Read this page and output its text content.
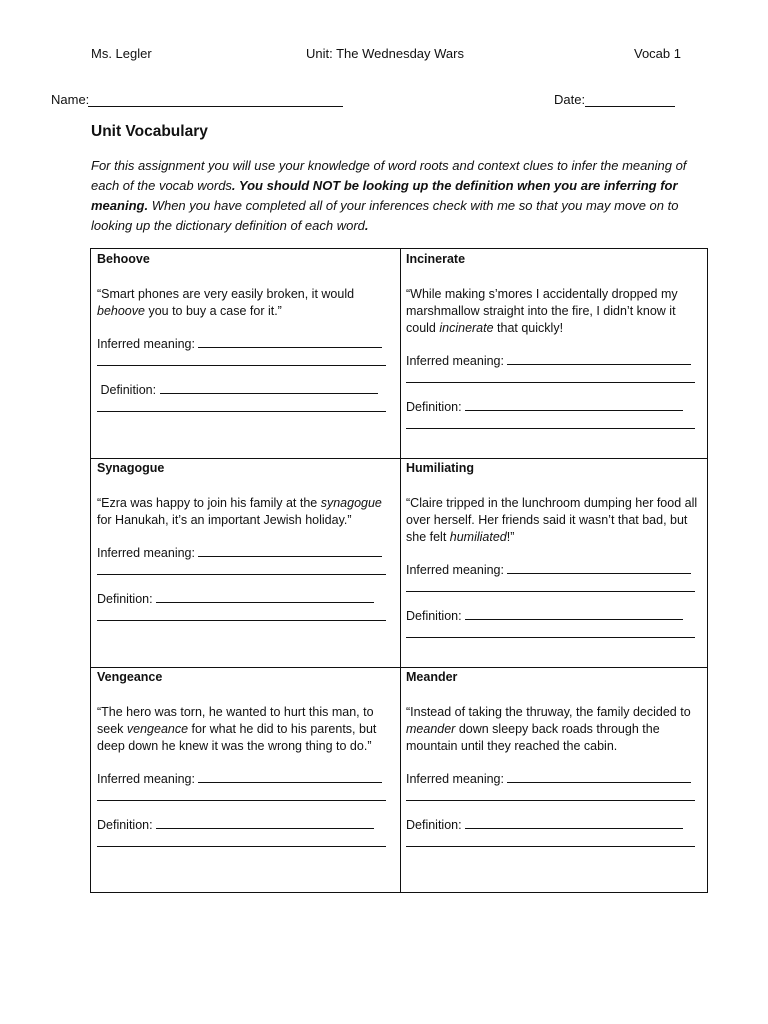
Ms. Legler	Unit: The Wednesday Wars	Vocab 1
Name:	Date:
Unit Vocabulary
For this assignment you will use your knowledge of word roots and context clues to infer the meaning of each of the vocab words. You should NOT be looking up the definition when you are inferring for meaning. When you have completed all of your inferences check with me so that you may move on to looking up the dictionary definition of each word.
Behoove
“Smart phones are very easily broken, it would behoove you to buy a case for it.”
Inferred meaning:
Definition:
Incinerate
“While making s’mores I accidentally dropped my marshmallow straight into the fire, I didn’t know it could incinerate that quickly!
Inferred meaning:
Definition:
Synagogue
“Ezra was happy to join his family at the synagogue for Hanukah, it’s an important Jewish holiday.”
Inferred meaning:
Definition:
Humiliating
“Claire tripped in the lunchroom dumping her food all over herself. Her friends said it wasn’t that bad, but she felt humiliated!”
Inferred meaning:
Definition:
Vengeance
“The hero was torn, he wanted to hurt this man, to seek vengeance for what he did to his parents, but deep down he knew it was the wrong thing to do.”
Inferred meaning:
Definition:
Meander
“Instead of taking the thruway, the family decided to meander down sleepy back roads through the mountain until they reached the cabin.
Inferred meaning:
Definition:
